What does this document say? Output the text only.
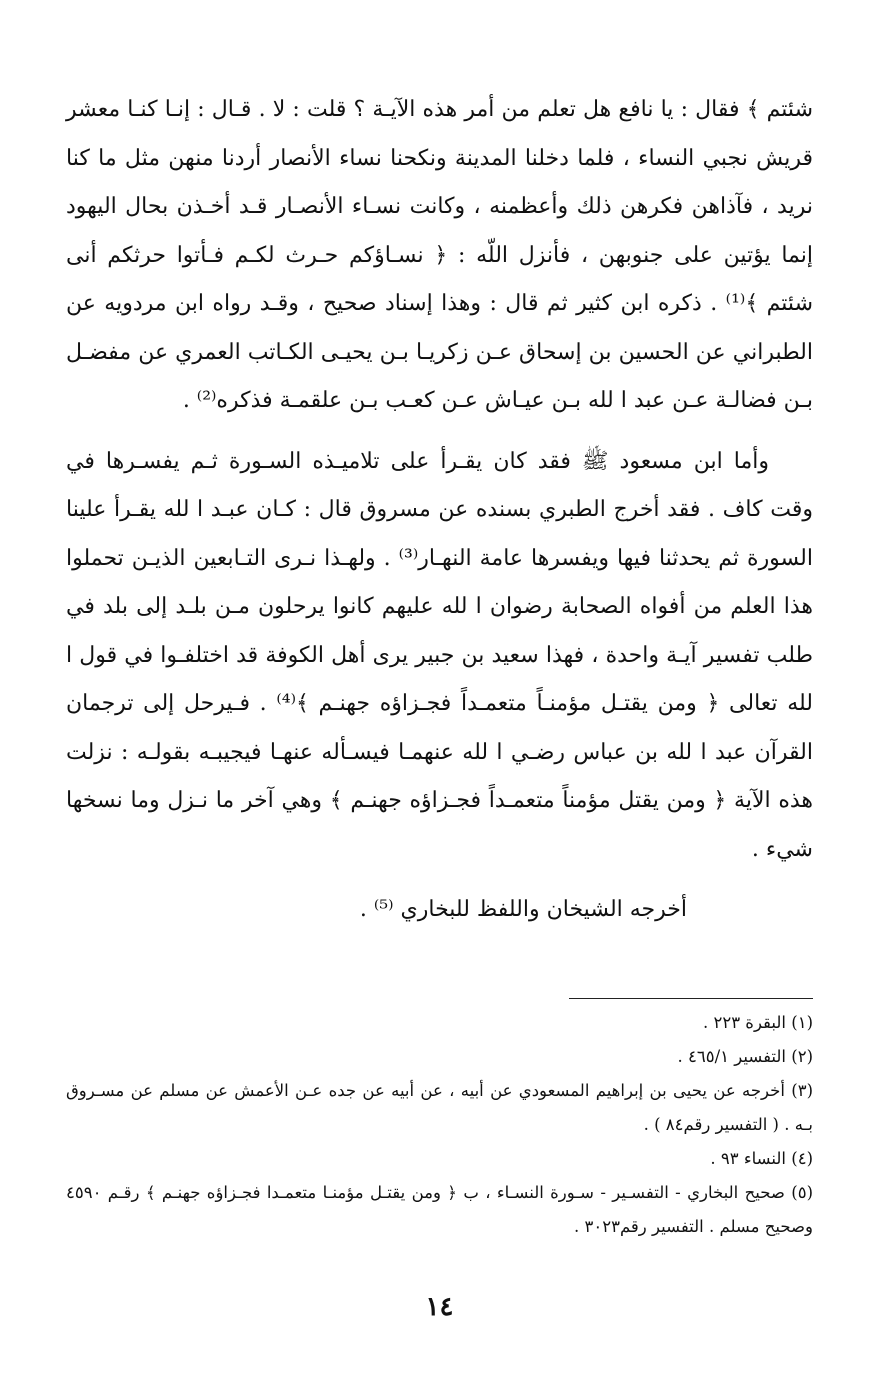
شئتم ﴾ فقال : يا نافع هل تعلم من أمر هذه الآيـة ؟ قلت : لا . قـال : إنـا كنـا معشر قريش نجبي النساء ، فلما دخلنا المدينة ونكحنا نساء الأنصار أردنا منهن مثل ما كنا نريد ، فآذاهن فكرهن ذلك وأعظمنه ، وكانت نسـاء الأنصـار قـد أخـذن بحال اليهود إنما يؤتين على جنوبهن ، فأنزل اللّه : ﴿ نسـاؤكم حـرث لكـم فـأتوا حرثكم أنى شئتم ﴾⁽¹⁾ . ذكره ابن كثير ثم قال : وهذا إسناد صحيح ، وقـد رواه ابن مردويه عن الطبراني عن الحسين بن إسحاق عـن زكريـا بـن يحيـى الكـاتب العمري عن مفضـل بـن فضالـة عـن عبد ا لله بـن عيـاش عـن كعـب بـن علقمـة فذكره⁽²⁾ .

وأما ابن مسعود ﷺ فقد كان يقـرأ على تلاميـذه السـورة ثـم يفسـرها في وقت كاف . فقد أخرج الطبري بسنده عن مسروق قال : كـان عبـد ا لله يقـرأ علينا السورة ثم يحدثنا فيها ويفسرها عامة النهـار⁽³⁾ . ولهـذا نـرى التـابعين الذيـن تحملوا هذا العلم من أفواه الصحابة رضوان ا لله عليهم كانوا يرحلون مـن بلـد إلى بلد في طلب تفسير آيـة واحدة ، فهذا سعيد بن جبير يرى أهل الكوفة قد اختلفـوا في قول ا لله تعالى ﴿ ومن يقتـل مؤمنـاً متعمـداً فجـزاؤه جهنـم ﴾⁽⁴⁾ . فـيرحل إلى ترجمان القرآن عبد ا لله بن عباس رضـي ا لله عنهمـا فيسـأله عنهـا فيجيبـه بقولـه : نزلت هذه الآية ﴿ ومن يقتل مؤمناً متعمـداً فجـزاؤه جهنـم ﴾ وهي آخر ما نـزل وما نسخها شيء .

أخرجه الشيخان واللفظ للبخاري ⁽⁵⁾ .

(١) البقرة ٢٢٣ .

(٢) التفسير ٤٦٥/١ .

(٣) أخرجه عن يحيى بن إبراهيم المسعودي عن أبيه ، عن أبيه عن جده عـن الأعمش عن مسلم عن مسـروق بـه . ( التفسير رقم٨٤ ) .

(٤) النساء ٩٣ .

(٥) صحيح البخاري - التفسـير - سـورة النسـاء ، ب ﴿ ومن يقتـل مؤمنـا متعمـدا فجـزاؤه جهنـم ﴾ رقـم ٤٥٩٠ وصحيح مسلم . التفسير رقم٣٠٢٣ .

١٤
